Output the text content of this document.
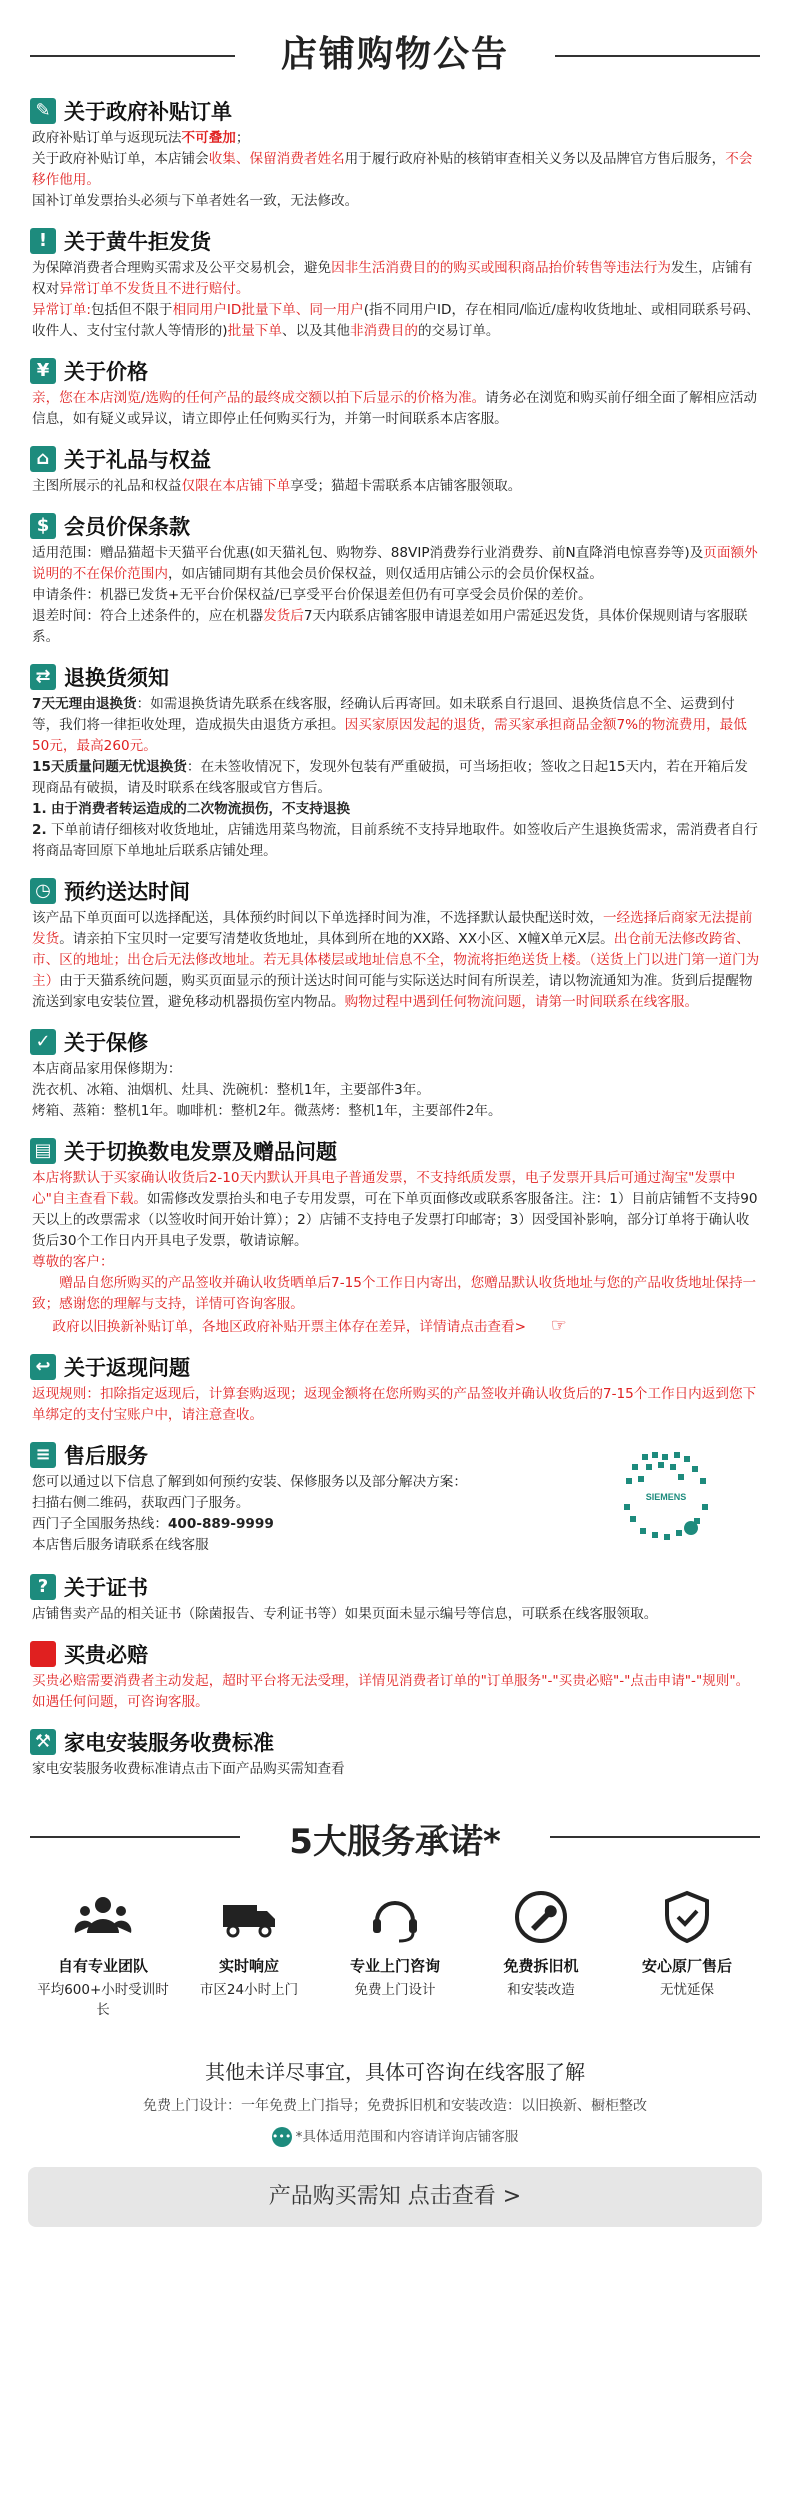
店铺购物公告
✎ 关于政府补贴订单

政府补贴订单与返现玩法不可叠加；

关于政府补贴订单，本店铺会收集、保留消费者姓名用于履行政府补贴的核销审查相关义务以及品牌官方售后服务，不会移作他用。

国补订单发票抬头必须与下单者姓名一致，无法修改。

! 关于黄牛拒发货

为保障消费者合理购买需求及公平交易机会，避免因非生活消费目的的购买或囤积商品抬价转售等违法行为发生，店铺有权对异常订单不发货且不进行赔付。

异常订单:包括但不限于相同用户ID批量下单、同一用户(指不同用户ID，存在相同/临近/虚构收货地址、或相同联系号码、收件人、支付宝付款人等情形的)批量下单、以及其他非消费目的的交易订单。

¥ 关于价格

亲，您在本店浏览/选购的任何产品的最终成交额以拍下后显示的价格为准。请务必在浏览和购买前仔细全面了解相应活动信息，如有疑义或异议，请立即停止任何购买行为，并第一时间联系本店客服。

⌂ 关于礼品与权益

主图所展示的礼品和权益仅限在本店铺下单享受；猫超卡需联系本店铺客服领取。

$ 会员价保条款

适用范围：赠品猫超卡天猫平台优惠(如天猫礼包、购物券、88VIP消费券行业消费券、前N直降消电惊喜券等)及页面额外说明的不在保价范围内，如店铺同期有其他会员价保权益，则仅适用店铺公示的会员价保权益。

申请条件：机器已发货+无平台价保权益/已享受平台价保退差但仍有可享受会员价保的差价。

退差时间：符合上述条件的，应在机器发货后7天内联系店铺客服申请退差如用户需延迟发货，具体价保规则请与客服联系。

⇄ 退换货须知

7天无理由退换货：如需退换货请先联系在线客服，经确认后再寄回。如未联系自行退回、退换货信息不全、运费到付等，我们将一律拒收处理，造成损失由退货方承担。因买家原因发起的退货，需买家承担商品金额7%的物流费用，最低50元，最高260元。

15天质量问题无忧退换货：在未签收情况下，发现外包装有严重破损，可当场拒收；签收之日起15天内，若在开箱后发现商品有破损，请及时联系在线客服或官方售后。

1. 由于消费者转运造成的二次物流损伤，不支持退换

2. 下单前请仔细核对收货地址，店铺选用菜鸟物流，目前系统不支持异地取件。如签收后产生退换货需求，需消费者自行将商品寄回原下单地址后联系店铺处理。

◷ 预约送达时间

该产品下单页面可以选择配送，具体预约时间以下单选择时间为准，不选择默认最快配送时效，一经选择后商家无法提前发货。请亲拍下宝贝时一定要写清楚收货地址，具体到所在地的XX路、XX小区、X幢X单元X层。出仓前无法修改跨省、市、区的地址；出仓后无法修改地址。若无具体楼层或地址信息不全，物流将拒绝送货上楼。（送货上门以进门第一道门为主）由于天猫系统问题，购买页面显示的预计送达时间可能与实际送达时间有所误差，请以物流通知为准。货到后提醒物流送到家电安装位置，避免移动机器损伤室内物品。购物过程中遇到任何物流问题，请第一时间联系在线客服。

✓ 关于保修

本店商品家用保修期为：

洗衣机、冰箱、油烟机、灶具、洗碗机：整机1年，主要部件3年。

烤箱、蒸箱：整机1年。咖啡机：整机2年。微蒸烤：整机1年，主要部件2年。

▤ 关于切换数电发票及赠品问题

本店将默认于买家确认收货后2-10天内默认开具电子普通发票，不支持纸质发票，电子发票开具后可通过淘宝"发票中心"自主查看下载。如需修改发票抬头和电子专用发票，可在下单页面修改或联系客服备注。注：1）目前店铺暂不支持90天以上的改票需求（以签收时间开始计算）；2）店铺不支持电子发票打印邮寄；3）因受国补影响，部分订单将于确认收货后30个工作日内开具电子发票，敬请谅解。

尊敬的客户：

赠品自您所购买的产品签收并确认收货晒单后7-15个工作日内寄出，您赠品默认收货地址与您的产品收货地址保持一致；感谢您的理解与支持，详情可咨询客服。

政府以旧换新补贴订单，各地区政府补贴开票主体存在差异，详情请点击查看> ☞

↩ 关于返现问题

返现规则：扣除指定返现后，计算套购返现；返现金额将在您所购买的产品签收并确认收货后的7-15个工作日内返到您下单绑定的支付宝账户中，请注意查收。

≡ 售后服务

您可以通过以下信息了解到如何预约安装、保修服务以及部分解决方案：

扫描右侧二维码，获取西门子服务。

西门子全国服务热线：400-889-9999

本店售后服务请联系在线客服

SIEMENS
? 关于证书

店铺售卖产品的相关证书（除菌报告、专利证书等）如果页面未显示编号等信息，可联系在线客服领取。

▭ 买贵必赔

买贵必赔需要消费者主动发起，超时平台将无法受理，详情见消费者订单的"订单服务"-"买贵必赔"-"点击申请"-"规则"。如遇任何问题，可咨询客服。

⚒ 家电安装服务收费标准

家电安装服务收费标准请点击下面产品购买需知查看

5大服务承诺*
自有专业团队
平均600+小时受训时长
实时响应
市区24小时上门
专业上门咨询
免费上门设计
免费拆旧机
和安装改造
安心原厂售后
无忧延保
其他未详尽事宜，具体可咨询在线客服了解
免费上门设计：一年免费上门指导；免费拆旧机和安装改造：以旧换新、橱柜整改
••• *具体适用范围和内容请详询店铺客服
产品购买需知 点击查看 >
